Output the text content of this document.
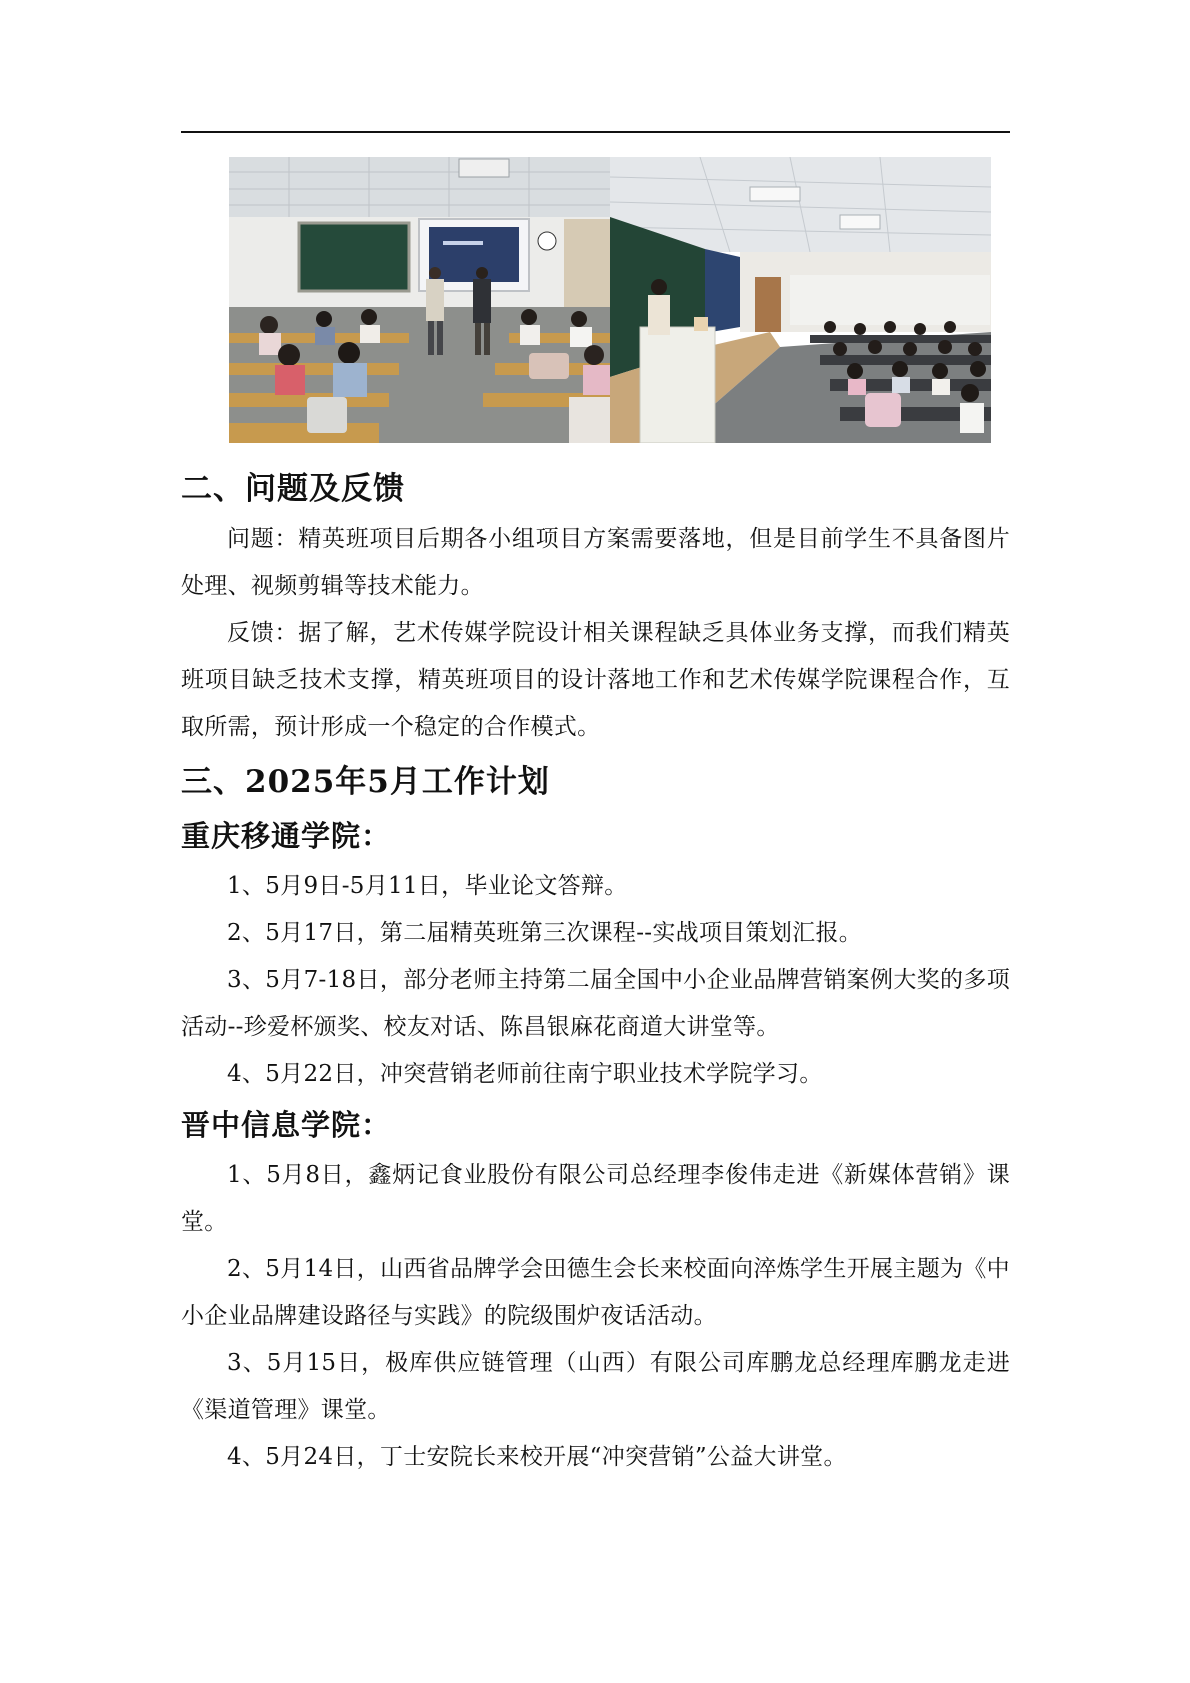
二、问题及反馈

问题：精英班项目后期各小组项目方案需要落地，但是目前学生不具备图片处理、视频剪辑等技术能力。

反馈：据了解，艺术传媒学院设计相关课程缺乏具体业务支撑，而我们精英班项目缺乏技术支撑，精英班项目的设计落地工作和艺术传媒学院课程合作，互取所需，预计形成一个稳定的合作模式。

三、2025年5月工作计划
重庆移通学院：

1、5月9日-5月11日，毕业论文答辩。

2、5月17日，第二届精英班第三次课程--实战项目策划汇报。

3、5月7-18日，部分老师主持第二届全国中小企业品牌营销案例大奖的多项活动--珍爱杯颁奖、校友对话、陈昌银麻花商道大讲堂等。

4、5月22日，冲突营销老师前往南宁职业技术学院学习。

晋中信息学院：

1、5月8日，鑫炳记食业股份有限公司总经理李俊伟走进《新媒体营销》课堂。

2、5月14日，山西省品牌学会田德生会长来校面向淬炼学生开展主题为《中小企业品牌建设路径与实践》的院级围炉夜话活动。

3、5月15日，极库供应链管理（山西）有限公司库鹏龙总经理库鹏龙走进《渠道管理》课堂。

4、5月24日，丁士安院长来校开展“冲突营销”公益大讲堂。
